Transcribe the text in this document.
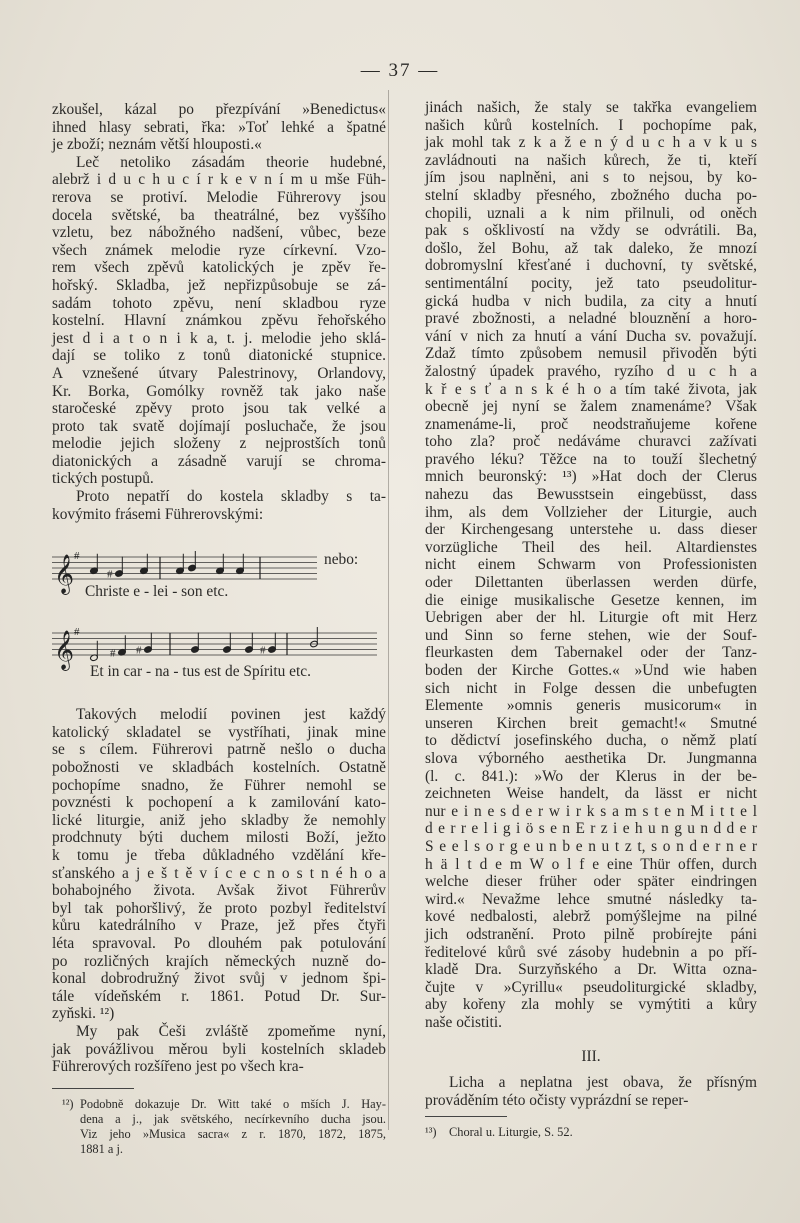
— 37 —
zkoušel, kázal po přezpívání »Benedictus«
ihned hlasy sebrati, řka: »Toť lehké a špatné
je zboží; neznám větší hlouposti.«
Leč netoliko zásadám theorie hudebné,
alebrž i d u c h u c í r k e v n í m u mše Füh-
rerova se protiví. Melodie Führerovy jsou
docela světské, ba theatrálné, bez vyššího
vzletu, bez nábožného nadšení, vůbec, beze
všech známek melodie ryze církevní. Vzo-
rem všech zpěvů katolických je zpěv ře-
hořský. Skladba, jež nepřizpůsobuje se zá-
sadám tohoto zpěvu, není skladbou ryze
kostelní. Hlavní známkou zpěvu řehořského
jest d i a t o n i k a, t. j. melodie jeho sklá-
dají se toliko z tonů diatonické stupnice.
A vznešené útvary Palestrinovy, Orlandovy,
Kr. Borka, Gomólky rovněž tak jako naše
staročeské zpěvy proto jsou tak velké a
proto tak svatě dojímají posluchače, že jsou
melodie jejich složeny z nejprostších tonů
diatonických a zásadně varují se chroma-
tických postupů.
Proto nepatří do kostela skladby s ta-
kovýmito frásemi Führerovskými:
𝄞 #
#
nebo:
Christe e - lei - son etc.
𝄞 #
# #	#
Et in car - na - tus est de Spíritu etc.
Takových melodií povinen jest každý
katolický skladatel se vystříhati, jinak mine
se s cílem. Führerovi patrně nešlo o ducha
pobožnosti ve skladbách kostelních. Ostatně
pochopíme snadno, že Führer nemohl se
povznésti k pochopení a k zamilování kato-
lické liturgie, aniž jeho skladby že nemohly
prodchnuty býti duchem milosti Boží, ježto
k tomu je třeba důkladného vzdělání kře-
sťanského a j e š t ě v í c e c n o s t n é h o a
bohabojného života. Avšak život Führerův
byl tak pohoršlivý, že proto pozbyl ředitelství
kůru katedrálního v Praze, jež přes čtyři
léta spravoval. Po dlouhém pak potulování
po rozličných krajích německých nuzně do-
konal dobrodružný život svůj v jednom špi-
tále vídeňském r. 1861. Potud Dr. Sur-
zyňski. ¹²)
My pak Češi zvláště zpomeňme nyní,
jak povážlivou měrou byli kostelních skladeb
Führerových rozšířeno jest po všech kra-
¹²) Podobně dokazuje Dr. Witt také o mších J. Hay-
dena a j., jak světského, necírkevního ducha jsou.
Viz jeho »Musica sacra« z r. 1870, 1872, 1875,
1881 a j.
jinách našich, že staly se takřka evangeliem
našich kůrů kostelních. I pochopíme pak,
jak mohl tak z k a ž e n ý d u c h a v k u s
zavládnouti na našich kůrech, že ti, kteří
jím jsou naplněni, ani s to nejsou, by ko-
stelní skladby přesného, zbožného ducha po-
chopili, uznali a k nim přilnuli, od oněch
pak s ošklivostí na vždy se odvrátili. Ba,
došlo, žel Bohu, až tak daleko, že mnozí
dobromyslní křesťané i duchovní, ty světské,
sentimentální pocity, jež tato pseudolitur-
gická hudba v nich budila, za city a hnutí
pravé zbožnosti, a neladné blouznění a horo-
vání v nich za hnutí a vání Ducha sv. považují.
Zdaž tímto způsobem nemusil přivoděn býti
žalostný úpadek pravého, ryzího d u c h a
k ř e s ť a n s k é h o a tím také života, jak
obecně jej nyní se žalem znamenáme? Však
znamenáme-li, proč neodstraňujeme kořene
toho zla? proč nedáváme churavci zažívati
pravého léku? Těžce na to touží šlechetný
mnich beuronský: ¹³) »Hat doch der Clerus
nahezu das Bewusstsein eingebüsst, dass
ihm, als dem Vollzieher der Liturgie, auch
der Kirchengesang unterstehe u. dass dieser
vorzügliche Theil des heil. Altardienstes
nicht einem Schwarm von Professionisten
oder Dilettanten überlassen werden dürfe,
die einige musikalische Gesetze kennen, im
Uebrigen aber der hl. Liturgie oft mit Herz
und Sinn so ferne stehen, wie der Souf-
fleurkasten dem Tabernakel oder der Tanz-
boden der Kirche Gottes.« »Und wie haben
sich nicht in Folge dessen die unbefugten
Elemente »omnis generis musicorum« in
unseren Kirchen breit gemacht!« Smutné
to dědictví josefinského ducha, o němž platí
slova výborného aesthetika Dr. Jungmanna
(l. c. 841.): »Wo der Klerus in der be-
zeichneten Weise handelt, da lässt er nicht
nur e i n e s d e r w i r k s a m s t e n M i t t e l
d e r r e l i g i ö s e n E r z i e h u n g u n d d e r
S e e l s o r g e u n b e n u t z t, s o n d e r n e r
h ä l t d e m W o l f e eine Thür offen, durch
welche dieser früher oder später eindringen
wird.« Nevažme lehce smutné následky ta-
kové nedbalosti, alebrž pomýšlejme na pilné
jich odstranění. Proto pilně probírejte páni
ředitelové kůrů své zásoby hudebnin a po pří-
kladě Dra. Surzyňského a Dr. Witta ozna-
čujte v »Cyrillu« pseudoliturgické skladby,
aby kořeny zla mohly se vymýtiti a kůry
naše očistiti.
III.
Licha a neplatna jest obava, že přísným
prováděním této očisty vyprázdní se reper-
¹³) Choral u. Liturgie, S. 52.
